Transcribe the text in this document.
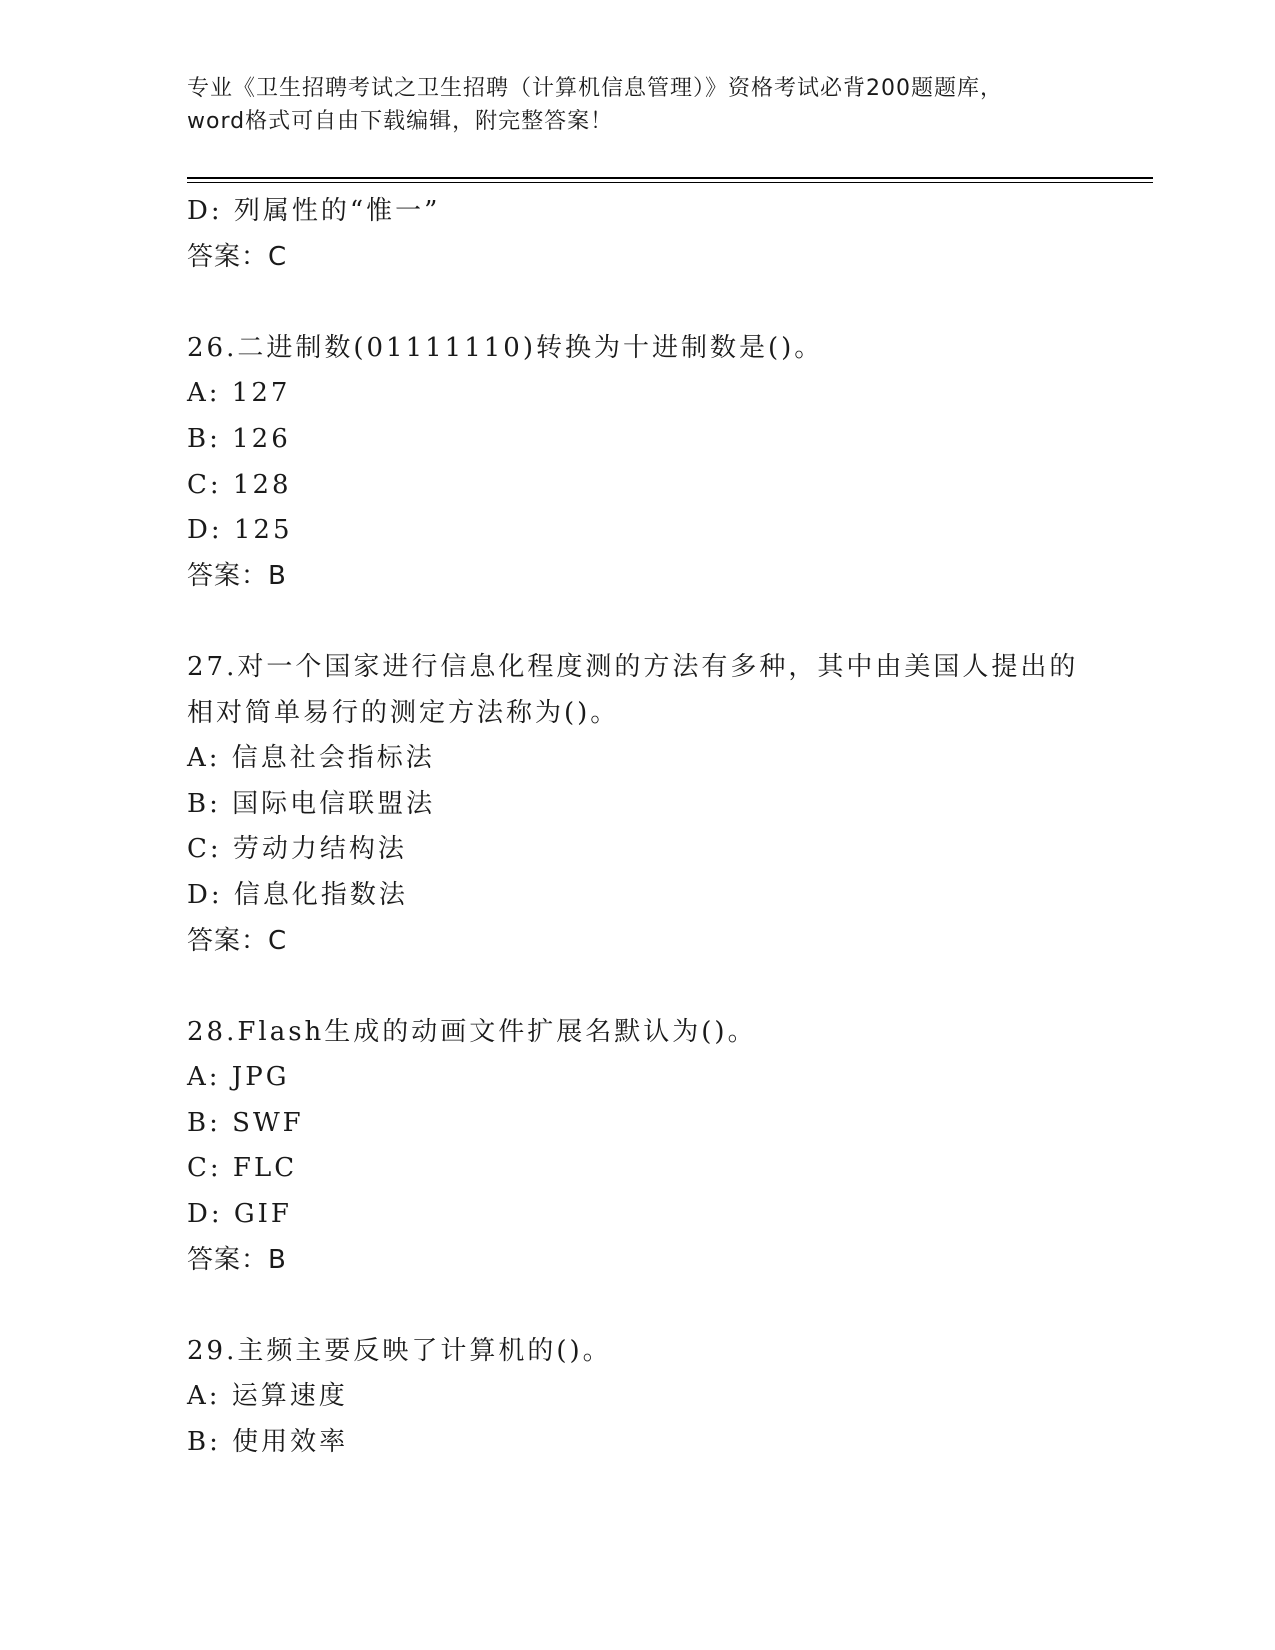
专业《卫生招聘考试之卫生招聘（计算机信息管理）》资格考试必背200题题库，
word格式可自由下载编辑，附完整答案！
D: 列属性的“惟一”
答案：C
26.二进制数(01111110)转换为十进制数是()。
A: 127
B: 126
C: 128
D: 125
答案：B
27.对一个国家进行信息化程度测的方法有多种，其中由美国人提出的
相对简单易行的测定方法称为()。
A: 信息社会指标法
B: 国际电信联盟法
C: 劳动力结构法
D: 信息化指数法
答案：C
28.Flash生成的动画文件扩展名默认为()。
A: JPG
B: SWF
C: FLC
D: GIF
答案：B
29.主频主要反映了计算机的()。
A: 运算速度
B: 使用效率
